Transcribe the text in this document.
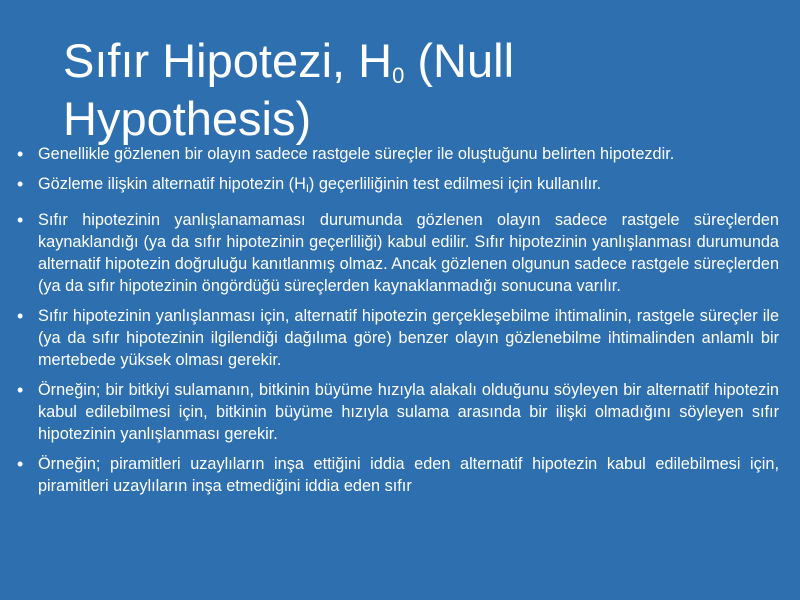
Sıfır Hipotezi, $H_0$ (Null Hypothesis)
• Genellikle gözlenen bir olayın sadece rastgele süreçler ile oluştuğunu belirten hipotezdir.
• Gözleme ilişkin alternatif hipotezin (HI) geçerliliğinin test edilmesi için kullanılır.
• Sıfır hipotezinin yanlışlanamaması durumunda gözlenen olayın sadece rastgele süreçlerden kaynaklandığı (ya da sıfır hipotezinin geçerliliği) kabul edilir. Sıfır hipotezinin yanlışlanması durumunda alternatif hipotezin doğruluğu kanıtlanmış olmaz. Ancak gözlenen olgunun sadece rastgele süreçlerden (ya da sıfır hipotezinin öngördüğü süreçlerden kaynaklanmadığı sonucuna varılır.
• Sıfır hipotezinin yanlışlanması için, alternatif hipotezin gerçekleşebilme ihtimalinin, rastgele süreçler ile (ya da sıfır hipotezinin ilgilendiği dağılıma göre) benzer olayın gözlenebilme ihtimalinden anlamlı bir mertebede yüksek olması gerekir.
• Örneğin; bir bitkiyi sulamanın, bitkinin büyüme hızıyla alakalı olduğunu söyleyen bir alternatif hipotezin kabul edilebilmesi için, bitkinin büyüme hızıyla sulama arasında bir ilişki olmadığını söyleyen sıfır hipotezinin yanlışlanması gerekir.
• Örneğin; piramitleri uzaylıların inşa ettiğini iddia eden alternatif hipotezin kabul edilebilmesi için, piramitleri uzaylıların inşa etmediğini iddia eden sıfır
